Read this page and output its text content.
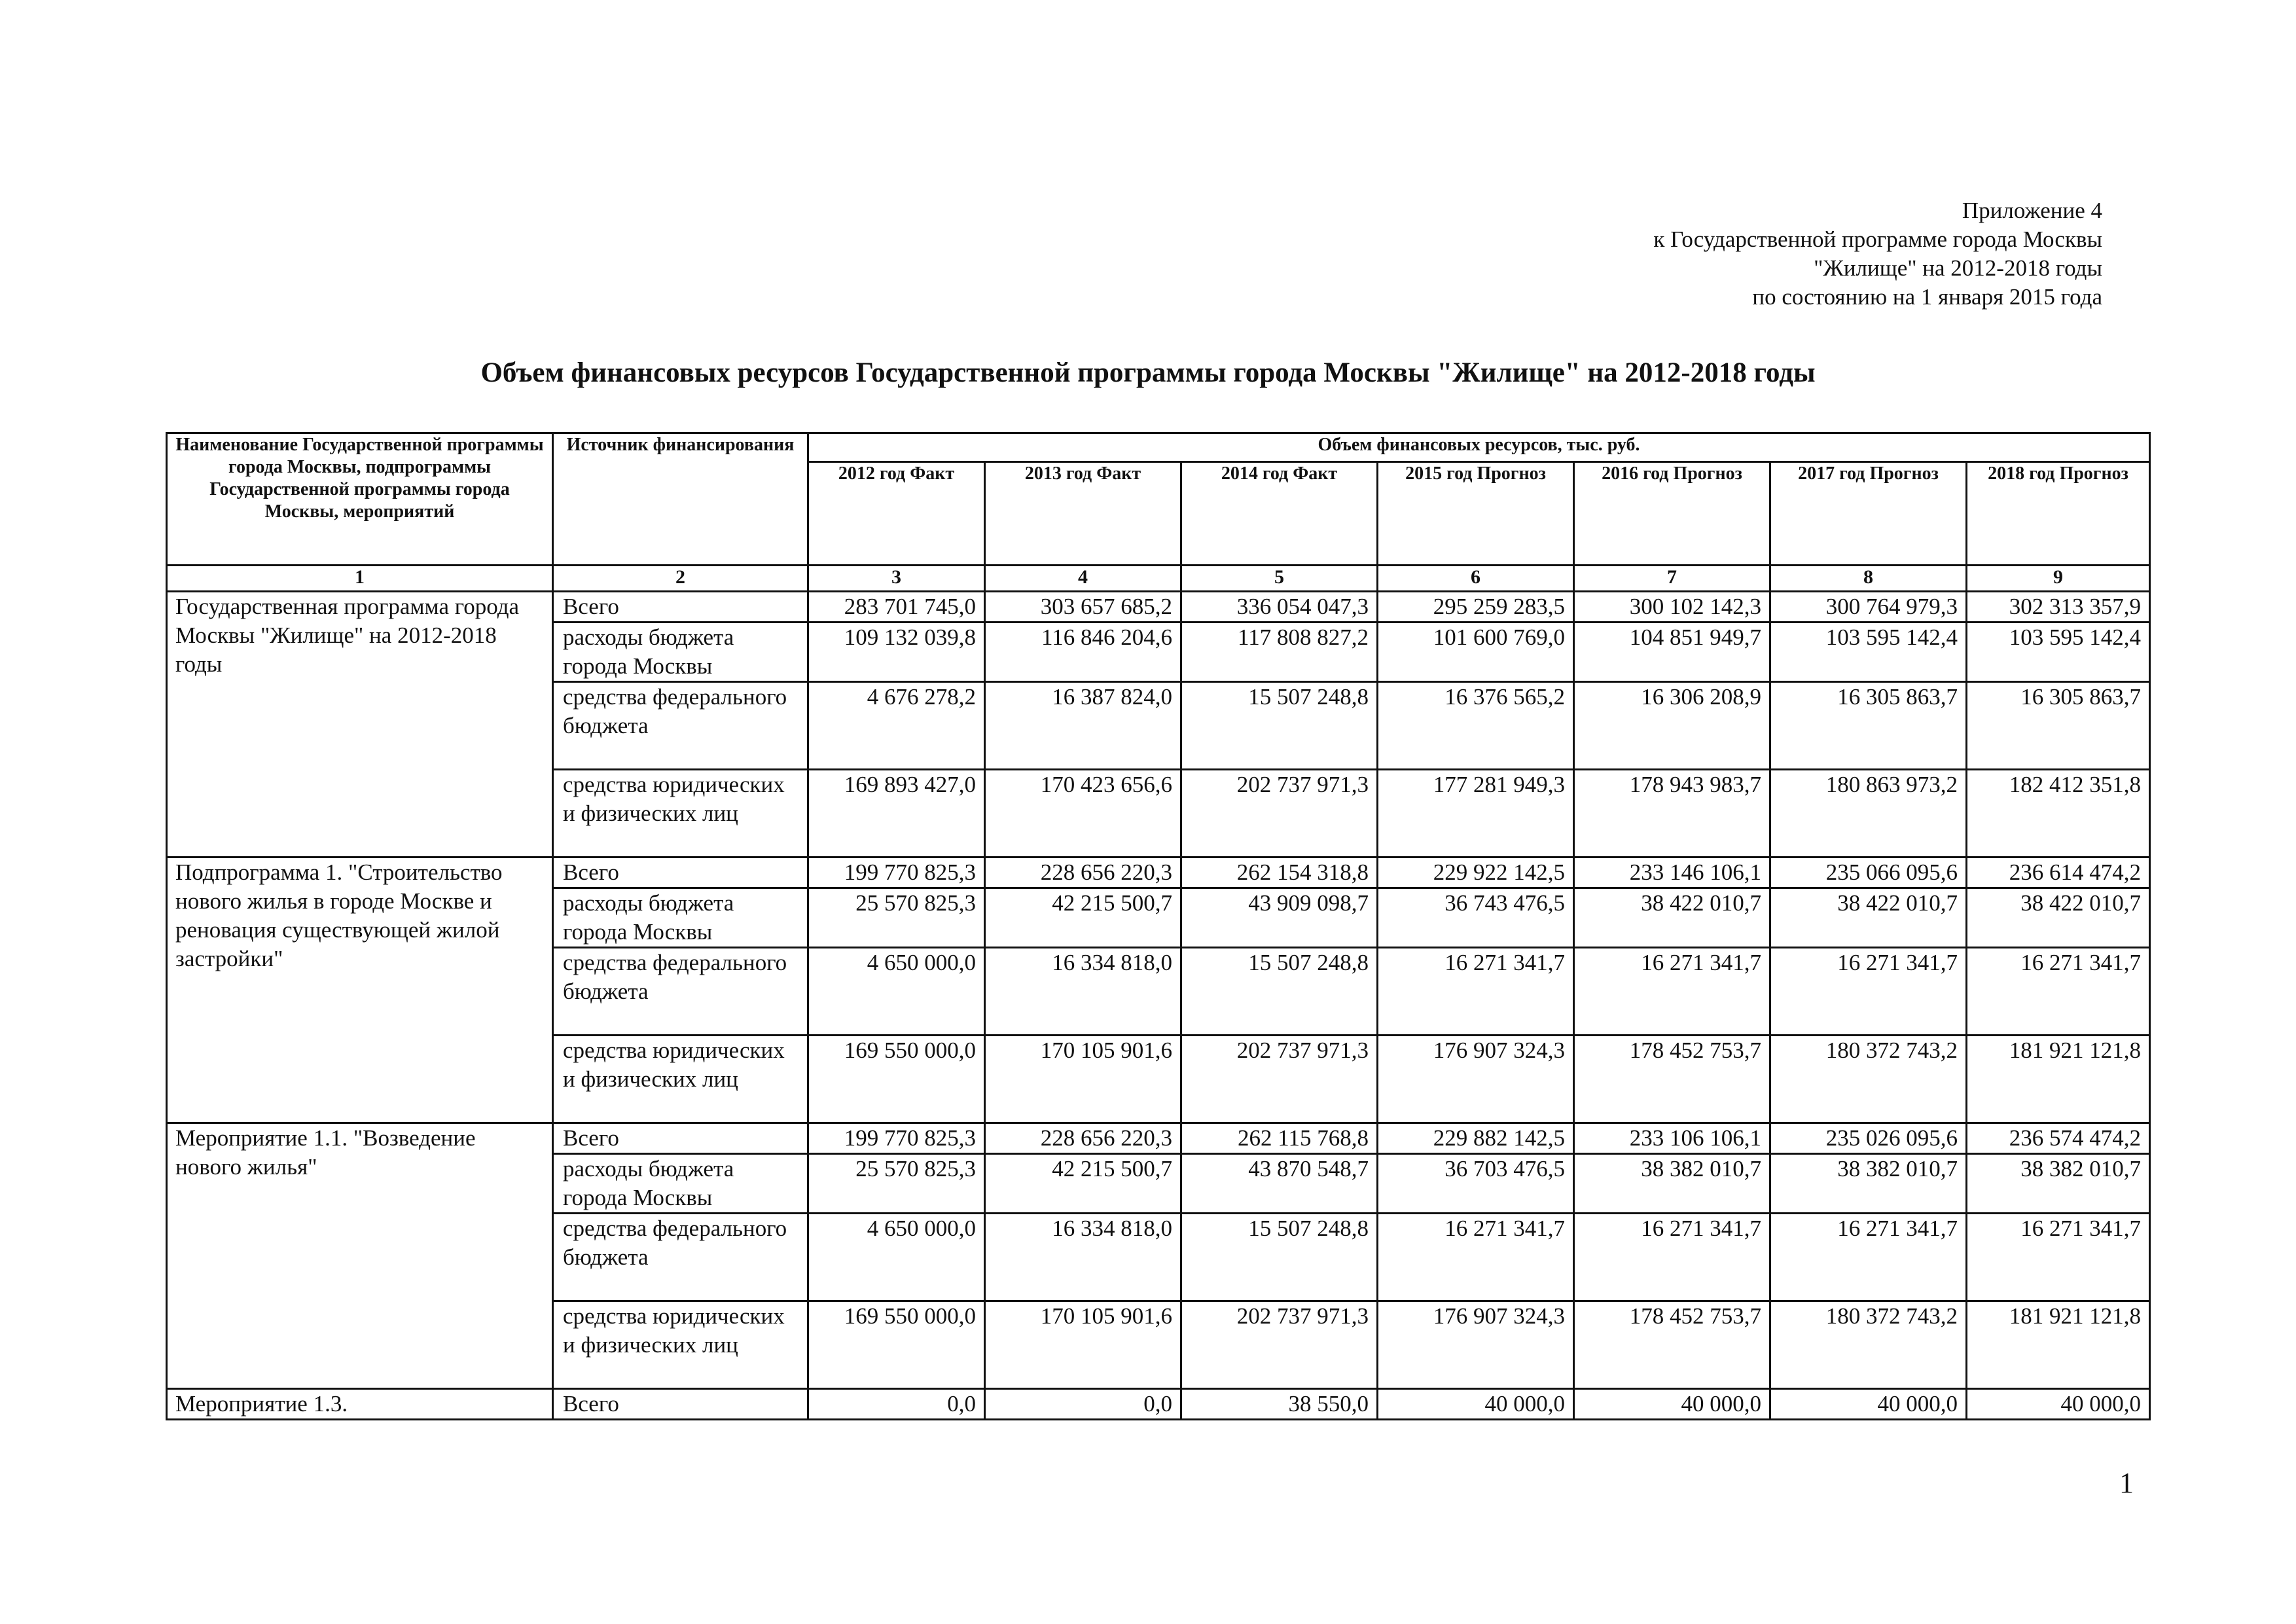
Приложение 4
к Государственной программе города Москвы
"Жилище" на 2012-2018 годы
по состоянию на 1 января 2015 года
Объем финансовых ресурсов Государственной программы города Москвы "Жилище" на 2012-2018 годы
Наименование Государственной программы города Москвы, подпрограммы Государственной программы города Москвы, мероприятий	Источник финансирования	Объем финансовых ресурсов, тыс. руб.						
		2012 год Факт	2013 год Факт	2014 год Факт	2015 год Прогноз	2016 год Прогноз	2017 год Прогноз	2018 год Прогноз
1	2	3	4	5	6	7	8	9
Государственная программа города Москвы "Жилище" на 2012-2018 годы	Всего	283 701 745,0	303 657 685,2	336 054 047,3	295 259 283,5	300 102 142,3	300 764 979,3	302 313 357,9
	расходы бюджета города Москвы	109 132 039,8	116 846 204,6	117 808 827,2	101 600 769,0	104 851 949,7	103 595 142,4	103 595 142,4
	средства федерального бюджета	4 676 278,2	16 387 824,0	15 507 248,8	16 376 565,2	16 306 208,9	16 305 863,7	16 305 863,7
	средства юридических и физических лиц	169 893 427,0	170 423 656,6	202 737 971,3	177 281 949,3	178 943 983,7	180 863 973,2	182 412 351,8
Подпрограмма 1. "Строительство нового жилья в городе Москве и реновация существующей жилой застройки"	Всего	199 770 825,3	228 656 220,3	262 154 318,8	229 922 142,5	233 146 106,1	235 066 095,6	236 614 474,2
	расходы бюджета города Москвы	25 570 825,3	42 215 500,7	43 909 098,7	36 743 476,5	38 422 010,7	38 422 010,7	38 422 010,7
	средства федерального бюджета	4 650 000,0	16 334 818,0	15 507 248,8	16 271 341,7	16 271 341,7	16 271 341,7	16 271 341,7
	средства юридических и физических лиц	169 550 000,0	170 105 901,6	202 737 971,3	176 907 324,3	178 452 753,7	180 372 743,2	181 921 121,8
Мероприятие 1.1. "Возведение нового жилья"	Всего	199 770 825,3	228 656 220,3	262 115 768,8	229 882 142,5	233 106 106,1	235 026 095,6	236 574 474,2
	расходы бюджета города Москвы	25 570 825,3	42 215 500,7	43 870 548,7	36 703 476,5	38 382 010,7	38 382 010,7	38 382 010,7
	средства федерального бюджета	4 650 000,0	16 334 818,0	15 507 248,8	16 271 341,7	16 271 341,7	16 271 341,7	16 271 341,7
	средства юридических и физических лиц	169 550 000,0	170 105 901,6	202 737 971,3	176 907 324,3	178 452 753,7	180 372 743,2	181 921 121,8
Мероприятие 1.3.	Всего	0,0	0,0	38 550,0	40 000,0	40 000,0	40 000,0	40 000,0
1
